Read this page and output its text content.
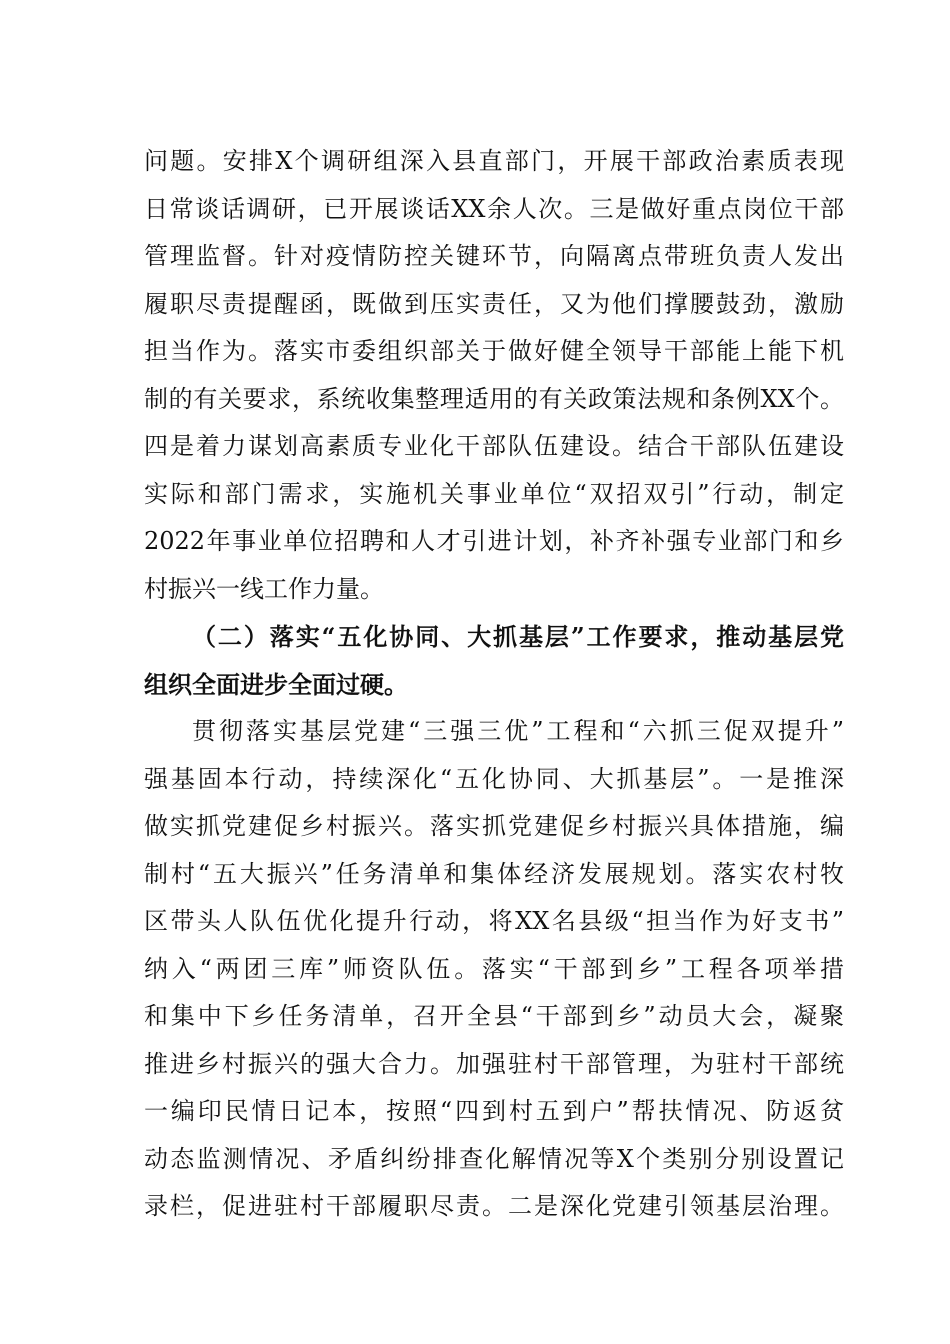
问题。安排X个调研组深入县直部门，开展干部政治素质表现
日常谈话调研，已开展谈话XX余人次。三是做好重点岗位干部
管理监督。针对疫情防控关键环节，向隔离点带班负责人发出
履职尽责提醒函，既做到压实责任，又为他们撑腰鼓劲，激励
担当作为。落实市委组织部关于做好健全领导干部能上能下机
制的有关要求，系统收集整理适用的有关政策法规和条例XX个。
四是着力谋划高素质专业化干部队伍建设。结合干部队伍建设
实际和部门需求，实施机关事业单位“双招双引”行动，制定
2022年事业单位招聘和人才引进计划，补齐补强专业部门和乡
村振兴一线工作力量。
（二）落实“五化协同、大抓基层”工作要求，推动基层党
组织全面进步全面过硬。
贯彻落实基层党建“三强三优”工程和“六抓三促双提升”
强基固本行动，持续深化“五化协同、大抓基层”。一是推深
做实抓党建促乡村振兴。落实抓党建促乡村振兴具体措施，编
制村“五大振兴”任务清单和集体经济发展规划。落实农村牧
区带头人队伍优化提升行动，将XX名县级“担当作为好支书”
纳入“两团三库”师资队伍。落实“干部到乡”工程各项举措
和集中下乡任务清单，召开全县“干部到乡”动员大会，凝聚
推进乡村振兴的强大合力。加强驻村干部管理，为驻村干部统
一编印民情日记本，按照“四到村五到户”帮扶情况、防返贫
动态监测情况、矛盾纠纷排查化解情况等X个类别分别设置记
录栏，促进驻村干部履职尽责。二是深化党建引领基层治理。
